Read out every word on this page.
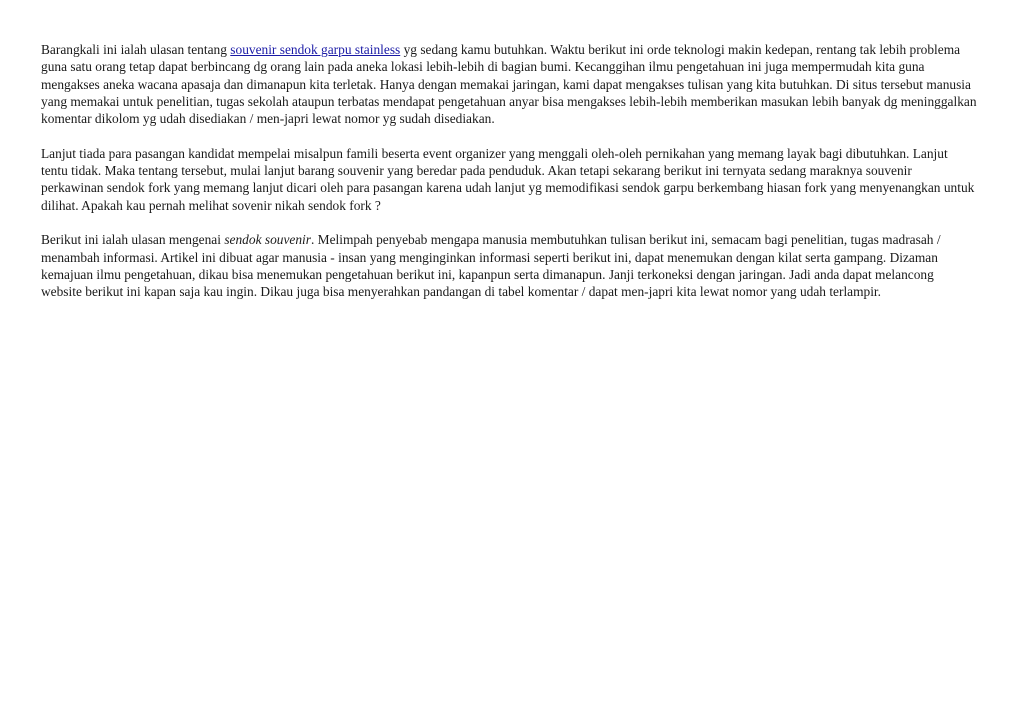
Barangkali ini ialah ulasan tentang souvenir sendok garpu stainless yg sedang kamu butuhkan. Waktu berikut ini orde teknologi makin kedepan, rentang tak lebih problema guna satu orang tetap dapat berbincang dg orang lain pada aneka lokasi lebih-lebih di bagian bumi. Kecanggihan ilmu pengetahuan ini juga mempermudah kita guna mengakses aneka wacana apasaja dan dimanapun kita terletak. Hanya dengan memakai jaringan, kami dapat mengakses tulisan yang kita butuhkan. Di situs tersebut manusia yang memakai untuk penelitian, tugas sekolah ataupun terbatas mendapat pengetahuan anyar bisa mengakses lebih-lebih memberikan masukan lebih banyak dg meninggalkan komentar dikolom yg udah disediakan / men-japri lewat nomor yg sudah disediakan.

Lanjut tiada para pasangan kandidat mempelai misalpun famili beserta event organizer yang menggali oleh-oleh pernikahan yang memang layak bagi dibutuhkan. Lanjut tentu tidak. Maka tentang tersebut, mulai lanjut barang souvenir yang beredar pada penduduk. Akan tetapi sekarang berikut ini ternyata sedang maraknya souvenir perkawinan sendok fork yang memang lanjut dicari oleh para pasangan karena udah lanjut yg memodifikasi sendok garpu berkembang hiasan fork yang menyenangkan untuk dilihat. Apakah kau pernah melihat sovenir nikah sendok fork ?

Berikut ini ialah ulasan mengenai sendok souvenir. Melimpah penyebab mengapa manusia membutuhkan tulisan berikut ini, semacam bagi penelitian, tugas madrasah / menambah informasi. Artikel ini dibuat agar manusia - insan yang menginginkan informasi seperti berikut ini, dapat menemukan dengan kilat serta gampang. Dizaman kemajuan ilmu pengetahuan, dikau bisa menemukan pengetahuan berikut ini, kapanpun serta dimanapun. Janji terkoneksi dengan jaringan. Jadi anda dapat melancong website berikut ini kapan saja kau ingin. Dikau juga bisa menyerahkan pandangan di tabel komentar / dapat men-japri kita lewat nomor yang udah terlampir.
